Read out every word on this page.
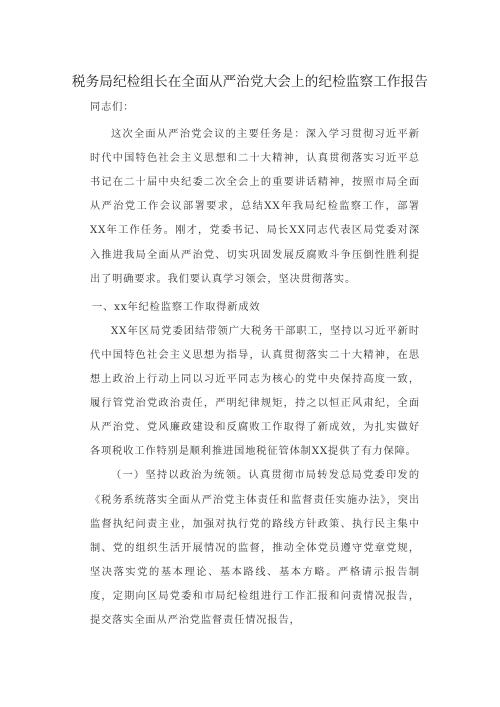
税务局纪检组长在全面从严治党大会上的纪检监察工作报告

同志们：

这次全面从严治党会议的主要任务是：深入学习贯彻习近平新时代中国特色社会主义思想和二十大精神，认真贯彻落实习近平总书记在二十届中央纪委二次全会上的重要讲话精神，按照市局全面从严治党工作会议部署要求，总结XX年我局纪检监察工作，部署XX年工作任务。刚才，党委书记、局长XX同志代表区局党委对深入推进我局全面从严治党、切实巩固发展反腐败斗争压倒性胜利提出了明确要求。我们要认真学习领会，坚决贯彻落实。

一、xx年纪检监察工作取得新成效

XX年区局党委团结带领广大税务干部职工，坚持以习近平新时代中国特色社会主义思想为指导，认真贯彻落实二十大精神，在思想上政治上行动上同以习近平同志为核心的党中央保持高度一致，履行管党治党政治责任，严明纪律规矩，持之以恒正风肃纪，全面从严治党、党风廉政建设和反腐败工作取得了新成效，为扎实做好各项税收工作特别是顺利推进国地税征管体制XX提供了有力保障。

（一）坚持以政治为统领。认真贯彻市局转发总局党委印发的《税务系统落实全面从严治党主体责任和监督责任实施办法》，突出监督执纪问责主业，加强对执行党的路线方针政策、执行民主集中制、党的组织生活开展情况的监督，推动全体党员遵守党章党规，坚决落实党的基本理论、基本路线、基本方略。严格请示报告制度，定期向区局党委和市局纪检组进行工作汇报和问责情况报告，提交落实全面从严治党监督责任情况报告，
